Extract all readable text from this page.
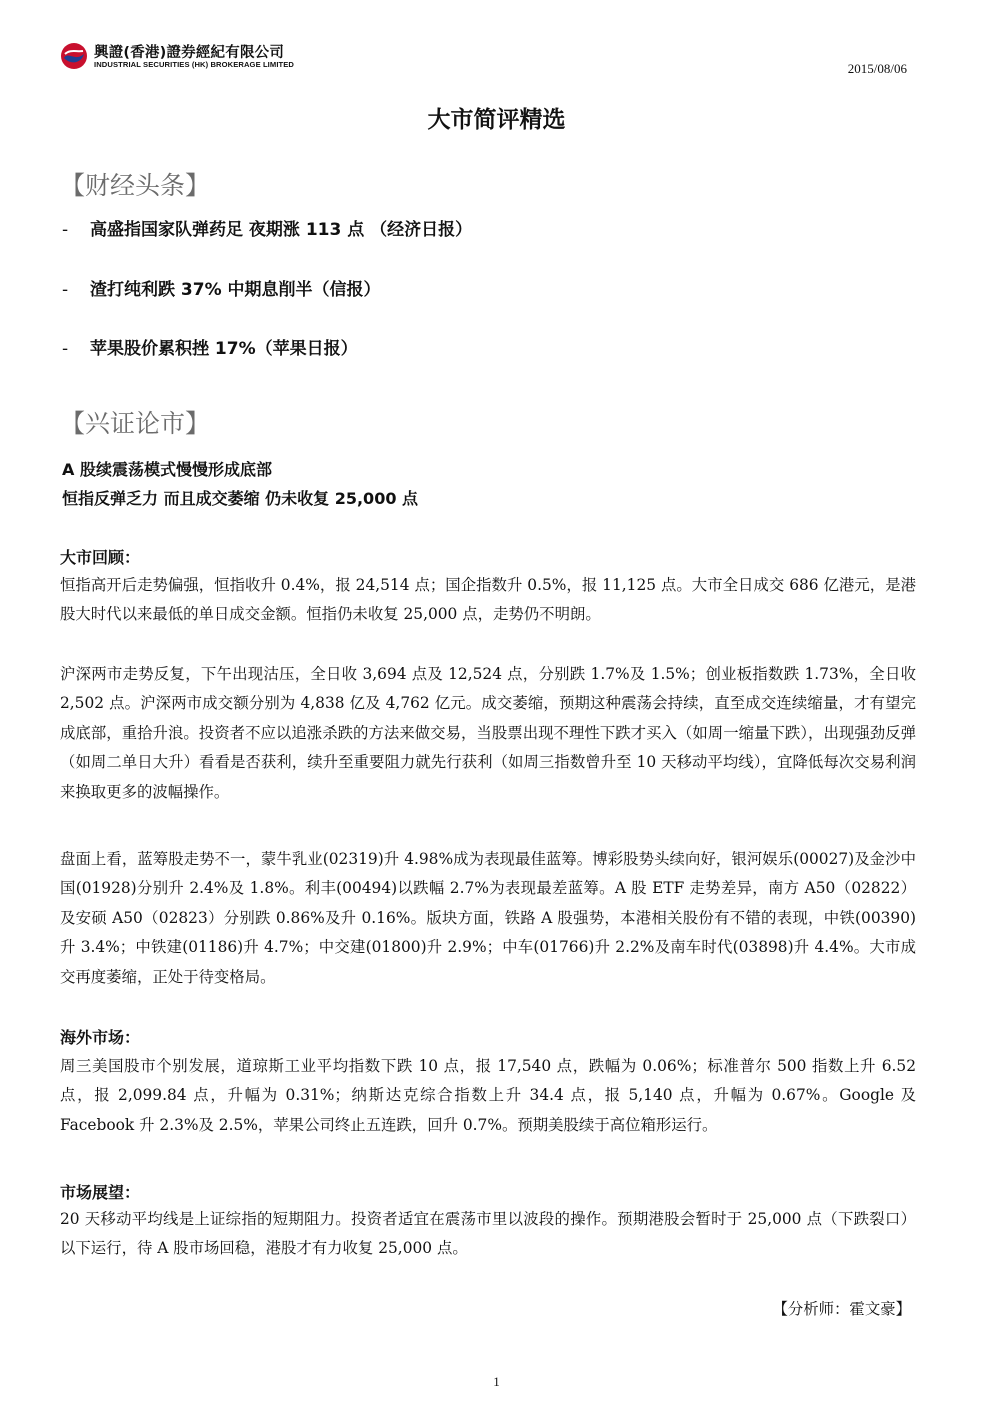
興證(香港)證券經紀有限公司
INDUSTRIAL SECURITIES (HK) BROKERAGE LIMITED	2015/08/06
大市简评精选
【财经头条】
- 高盛指国家队弹药足 夜期涨 113 点 （经济日报）
- 渣打纯利跌 37% 中期息削半（信报）
- 苹果股价累积挫 17%（苹果日报）
【兴证论市】
A 股续震荡模式慢慢形成底部
恒指反弹乏力 而且成交萎缩 仍未收复 25,000 点
大市回顾：
恒指高开后走势偏强，恒指收升 0.4%，报 24,514 点；国企指数升 0.5%，报 11,125 点。大市全日成交 686 亿港元，是港股大时代以来最低的单日成交金额。恒指仍未收复 25,000 点，走势仍不明朗。
沪深两市走势反复，下午出现沽压，全日收 3,694 点及 12,524 点，分别跌 1.7%及 1.5%；创业板指数跌 1.73%，全日收 2,502 点。沪深两市成交额分别为 4,838 亿及 4,762 亿元。成交萎缩，预期这种震荡会持续，直至成交连续缩量，才有望完成底部，重拾升浪。投资者不应以追涨杀跌的方法来做交易，当股票出现不理性下跌才买入（如周一缩量下跌），出现强劲反弹（如周二单日大升）看看是否获利，续升至重要阻力就先行获利（如周三指数曾升至 10 天移动平均线），宜降低每次交易利润来换取更多的波幅操作。
盘面上看，蓝筹股走势不一，蒙牛乳业(02319)升 4.98%成为表现最佳蓝筹。博彩股势头续向好，银河娱乐(00027)及金沙中国(01928)分别升 2.4%及 1.8%。利丰(00494)以跌幅 2.7%为表现最差蓝筹。A 股 ETF 走势差异，南方 A50（02822）及安硕 A50（02823）分别跌 0.86%及升 0.16%。版块方面，铁路 A 股强势，本港相关股份有不错的表现，中铁(00390)升 3.4%；中铁建(01186)升 4.7%；中交建(01800)升 2.9%；中车(01766)升 2.2%及南车时代(03898)升 4.4%。大市成交再度萎缩，正处于待变格局。
海外市场：
周三美国股市个别发展，道琼斯工业平均指数下跌 10 点，报 17,540 点，跌幅为 0.06%；标准普尔 500 指数上升 6.52 点，报 2,099.84 点，升幅为 0.31%；纳斯达克综合指数上升 34.4 点，报 5,140 点，升幅为 0.67%。Google 及 Facebook 升 2.3%及 2.5%，苹果公司终止五连跌，回升 0.7%。预期美股续于高位箱形运行。
市场展望：
20 天移动平均线是上证综指的短期阻力。投资者适宜在震荡市里以波段的操作。预期港股会暂时于 25,000 点（下跌裂口）以下运行，待 A 股市场回稳，港股才有力收复 25,000 点。
【分析师：霍文豪】
1
